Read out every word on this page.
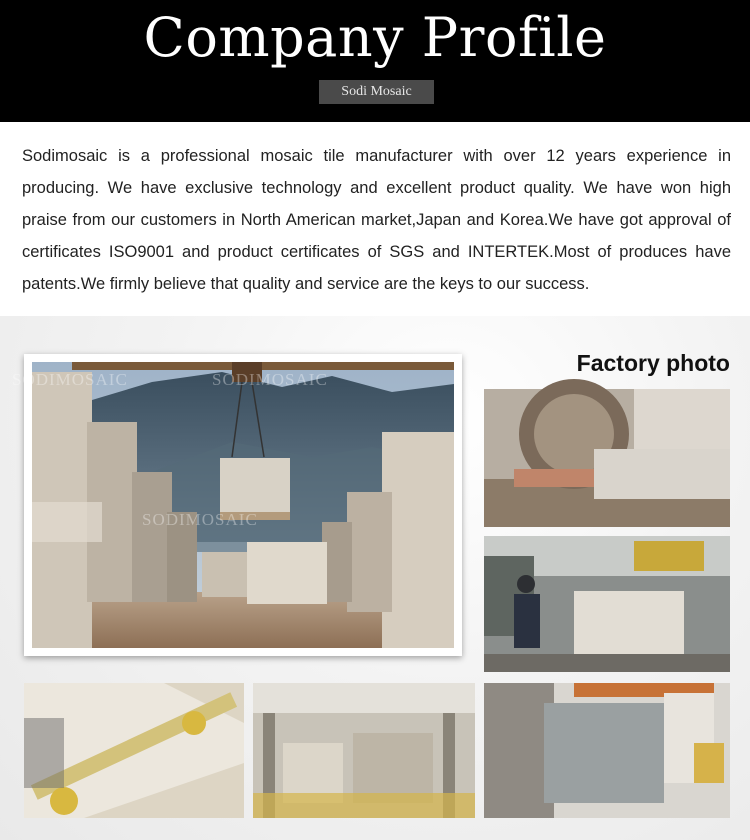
Company Profile
Sodi Mosaic

Sodimosaic is a professional mosaic tile manufacturer with over 12 years experience in producing. We have exclusive technology and excellent product quality. We have won high praise from our customers in North American market,Japan and Korea.We have got approval of certificates ISO9001 and product certificates of SGS and INTERTEK.Most of produces have patents.We firmly believe that quality and service are the keys to our success.

Factory photo
SODIMOSAIC	SODIMOSAIC
SODIMOSAIC
